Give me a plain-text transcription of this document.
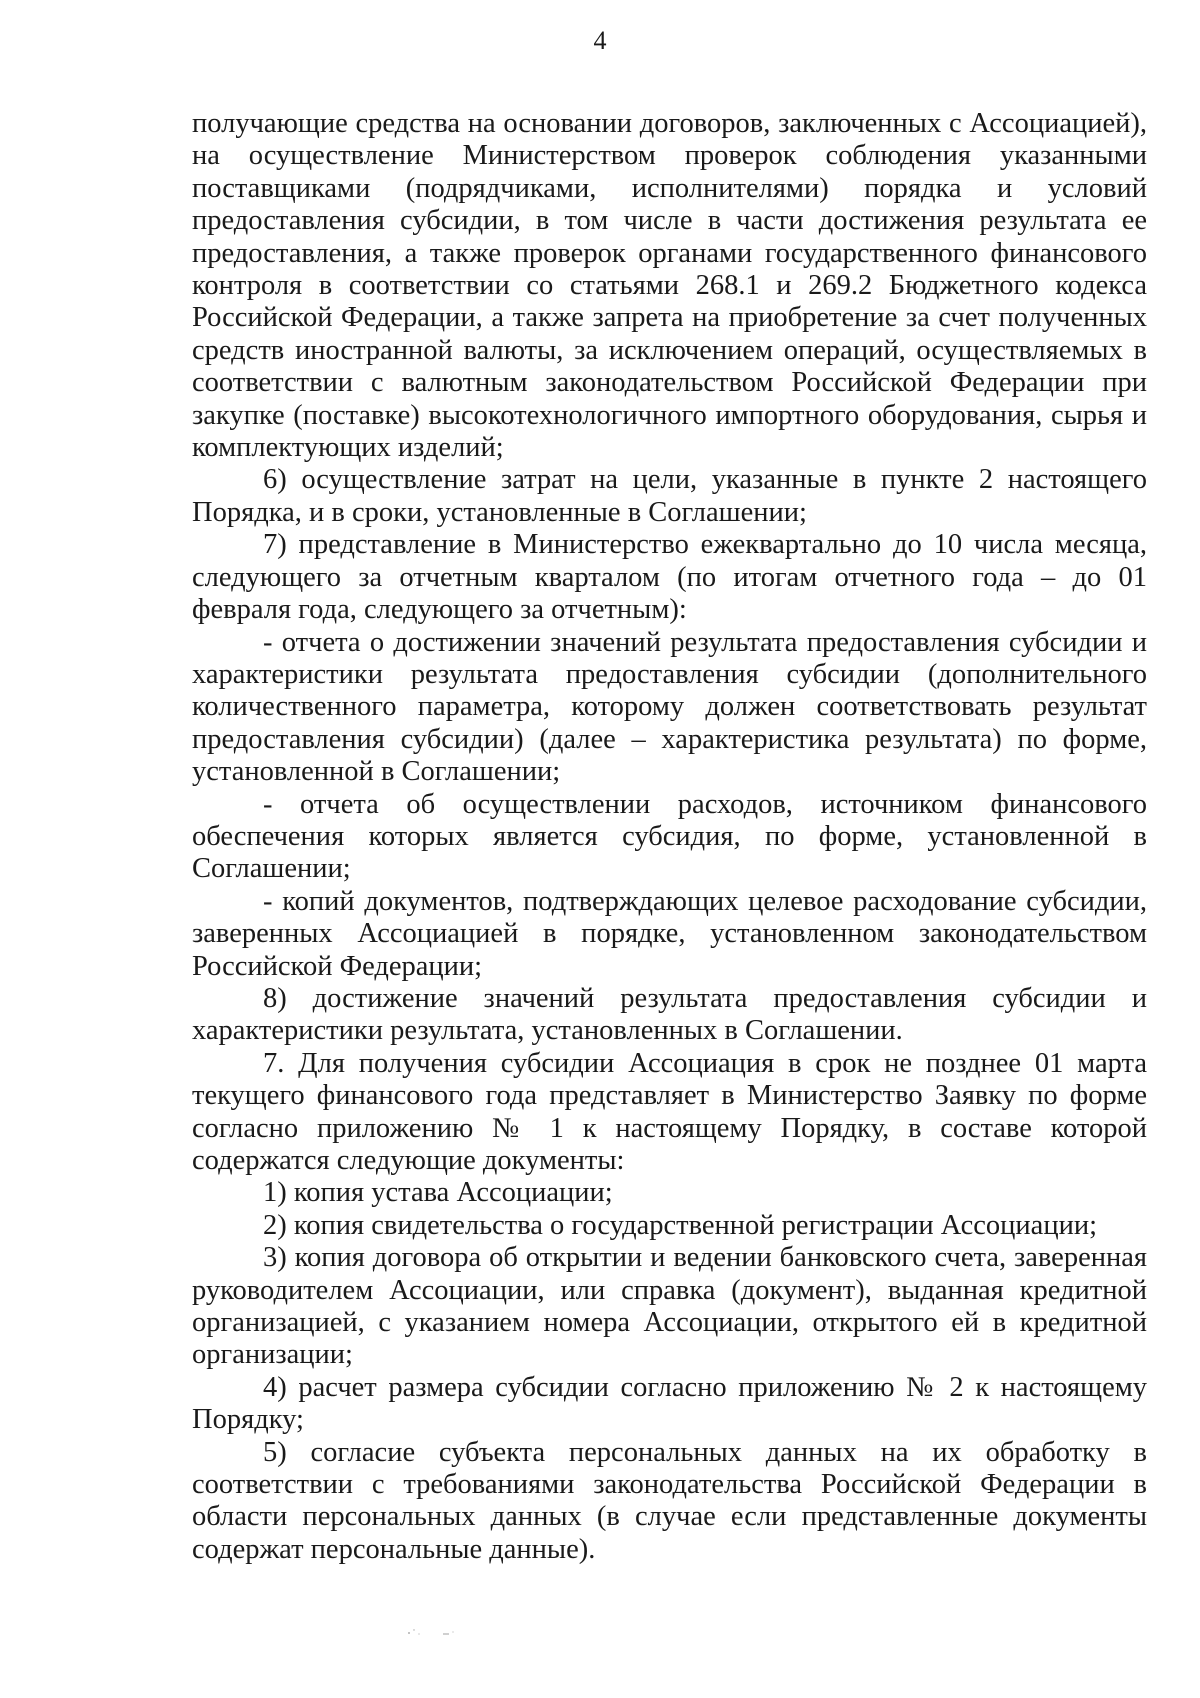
4

получающие средства на основании договоров, заключенных с Ассоциацией), на осуществление Министерством проверок соблюдения указанными поставщиками (подрядчиками, исполнителями) порядка и условий предоставления субсидии, в том числе в части достижения результата ее предоставления, а также проверок органами государственного финансового контроля в соответствии со статьями 268.1 и 269.2 Бюджетного кодекса Российской Федерации, а также запрета на приобретение за счет полученных средств иностранной валюты, за исключением операций, осуществляемых в соответствии с валютным законодательством Российской Федерации при закупке (поставке) высокотехнологичного импортного оборудования, сырья и комплектующих изделий;

6) осуществление затрат на цели, указанные в пункте 2 настоящего Порядка, и в сроки, установленные в Соглашении;

7) представление в Министерство ежеквартально до 10 числа месяца, следующего за отчетным кварталом (по итогам отчетного года – до 01 февраля года, следующего за отчетным):

- отчета о достижении значений результата предоставления субсидии и характеристики результата предоставления субсидии (дополнительного количественного параметра, которому должен соответствовать результат предоставления субсидии) (далее – характеристика результата) по форме, установленной в Соглашении;

- отчета об осуществлении расходов, источником финансового обеспечения которых является субсидия, по форме, установленной в Соглашении;

- копий документов, подтверждающих целевое расходование субсидии, заверенных Ассоциацией в порядке, установленном законодательством Российской Федерации;

8) достижение значений результата предоставления субсидии и характеристики результата, установленных в Соглашении.

7. Для получения субсидии Ассоциация в срок не позднее 01 марта текущего финансового года представляет в Министерство Заявку по форме согласно приложению № 1 к настоящему Порядку, в составе которой содержатся следующие документы:

1) копия устава Ассоциации;

2) копия свидетельства о государственной регистрации Ассоциации;

3) копия договора об открытии и ведении банковского счета, заверенная руководителем Ассоциации, или справка (документ), выданная кредитной организацией, с указанием номера Ассоциации, открытого ей в кредитной организации;

4) расчет размера субсидии согласно приложению № 2 к настоящему Порядку;

5) согласие субъекта персональных данных на их обработку в соответствии с требованиями законодательства Российской Федерации в области персональных данных (в случае если представленные документы содержат персональные данные).
